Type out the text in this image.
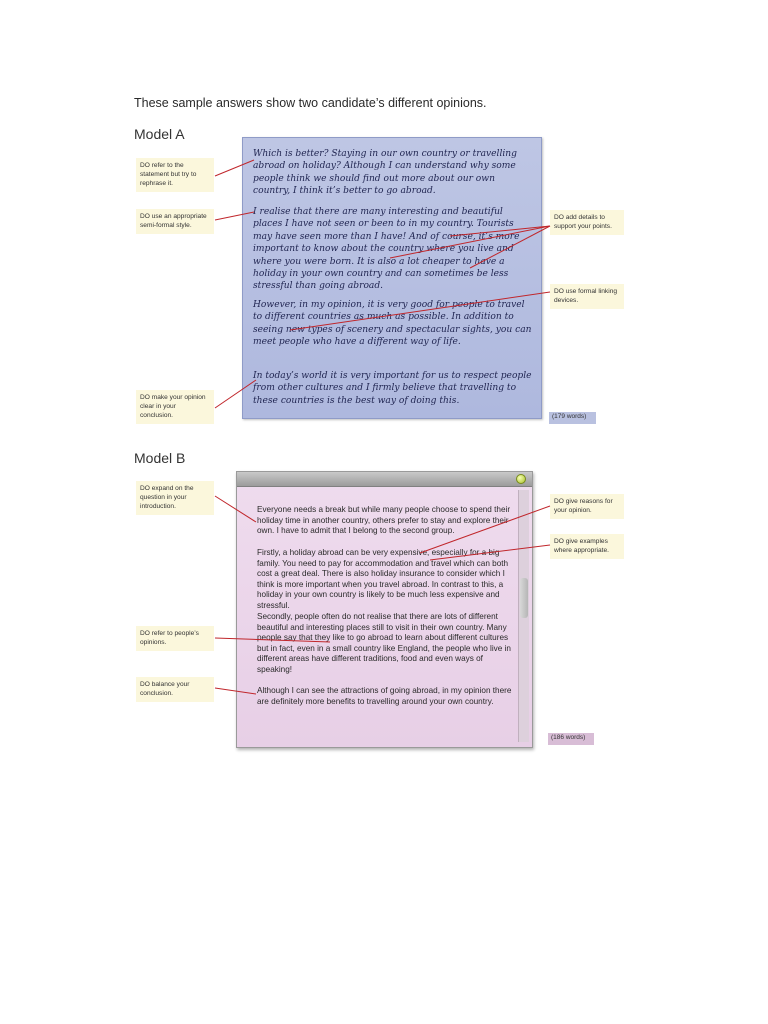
These sample answers show two candidate’s different opinions.
Model A
DO refer to the statement but try to rephrase it.
DO use an appropriate semi-formal style.
DO make your opinion clear in your conclusion.
DO add details to support your points.
DO use formal linking devices.
Which is better? Staying in our own country or travelling abroad on holiday? Although I can understand why some people think we should find out more about our own country, I think it’s better to go abroad.
I realise that there are many interesting and beautiful places I have not seen or been to in my country. Tourists may have seen more than I have! And of course, it’s more important to know about the country where you live and where you were born. It is also a lot cheaper to have a holiday in your own country and can sometimes be less stressful than going abroad.
However, in my opinion, it is very good for people to travel to different countries as much as possible. In addition to seeing new types of scenery and spectacular sights, you can meet people who have a different way of life.
In today’s world it is very important for us to respect people from other cultures and I firmly believe that travelling to these countries is the best way of doing this.
(179 words)
Model B
DO expand on the question in your introduction.
DO refer to people’s opinions.
DO balance your conclusion.
DO give reasons for your opinion.
DO give examples where appropriate.
Everyone needs a break but while many people choose to spend their holiday time in another country, others prefer to stay and explore their own. I have to admit that I belong to the second group.
Firstly, a holiday abroad can be very expensive, especially for a big family. You need to pay for accommodation and travel which can both cost a great deal. There is also holiday insurance to consider which I think is more important when you travel abroad. In contrast to this, a holiday in your own country is likely to be much less expensive and stressful.
Secondly, people often do not realise that there are lots of different beautiful and interesting places still to visit in their own country. Many people say that they like to go abroad to learn about different cultures but in fact, even in a small country like England, the people who live in different areas have different traditions, food and even ways of speaking!
Although I can see the attractions of going abroad, in my opinion there are definitely more benefits to travelling around your own country.
(186 words)
